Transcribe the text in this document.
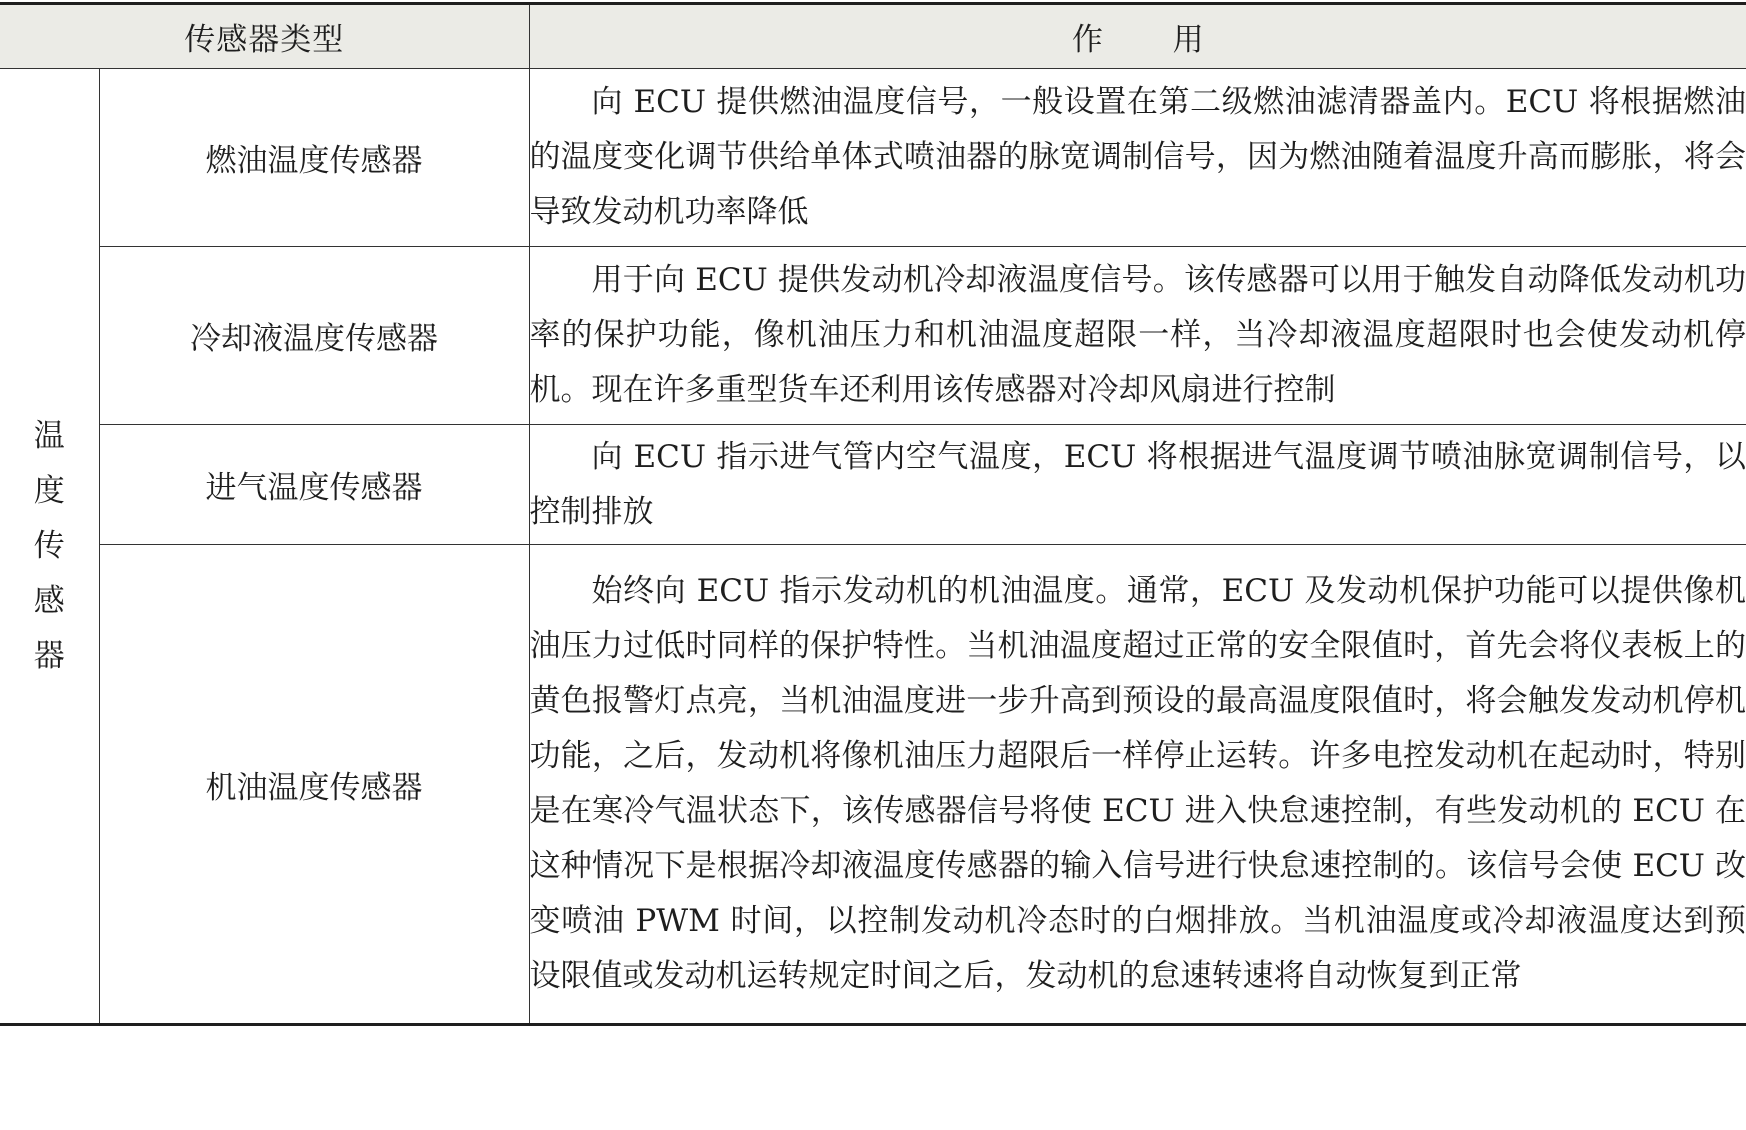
传感器类型		作 用
温度传感器	燃油温度传感器	向 ECU 提供燃油温度信号，一般设置在第二级燃油滤清器盖内。ECU 将根据燃油的温度变化调节供给单体式喷油器的脉宽调制信号，因为燃油随着温度升高而膨胀，将会导致发动机功率降低

	冷却液温度传感器	用于向 ECU 提供发动机冷却液温度信号。该传感器可以用于触发自动降低发动机功率的保护功能，像机油压力和机油温度超限一样，当冷却液温度超限时也会使发动机停机。现在许多重型货车还利用该传感器对冷却风扇进行控制

	进气温度传感器	向 ECU 指示进气管内空气温度，ECU 将根据进气温度调节喷油脉宽调制信号，以控制排放

	机油温度传感器	始终向 ECU 指示发动机的机油温度。通常，ECU 及发动机保护功能可以提供像机油压力过低时同样的保护特性。当机油温度超过正常的安全限值时，首先会将仪表板上的黄色报警灯点亮，当机油温度进一步升高到预设的最高温度限值时，将会触发发动机停机功能，之后，发动机将像机油压力超限后一样停止运转。许多电控发动机在起动时，特别是在寒冷气温状态下，该传感器信号将使 ECU 进入快怠速控制，有些发动机的 ECU 在这种情况下是根据冷却液温度传感器的输入信号进行快怠速控制的。该信号会使 ECU 改变喷油 PWM 时间，以控制发动机冷态时的白烟排放。当机油温度或冷却液温度达到预设限值或发动机运转规定时间之后，发动机的怠速转速将自动恢复到正常
